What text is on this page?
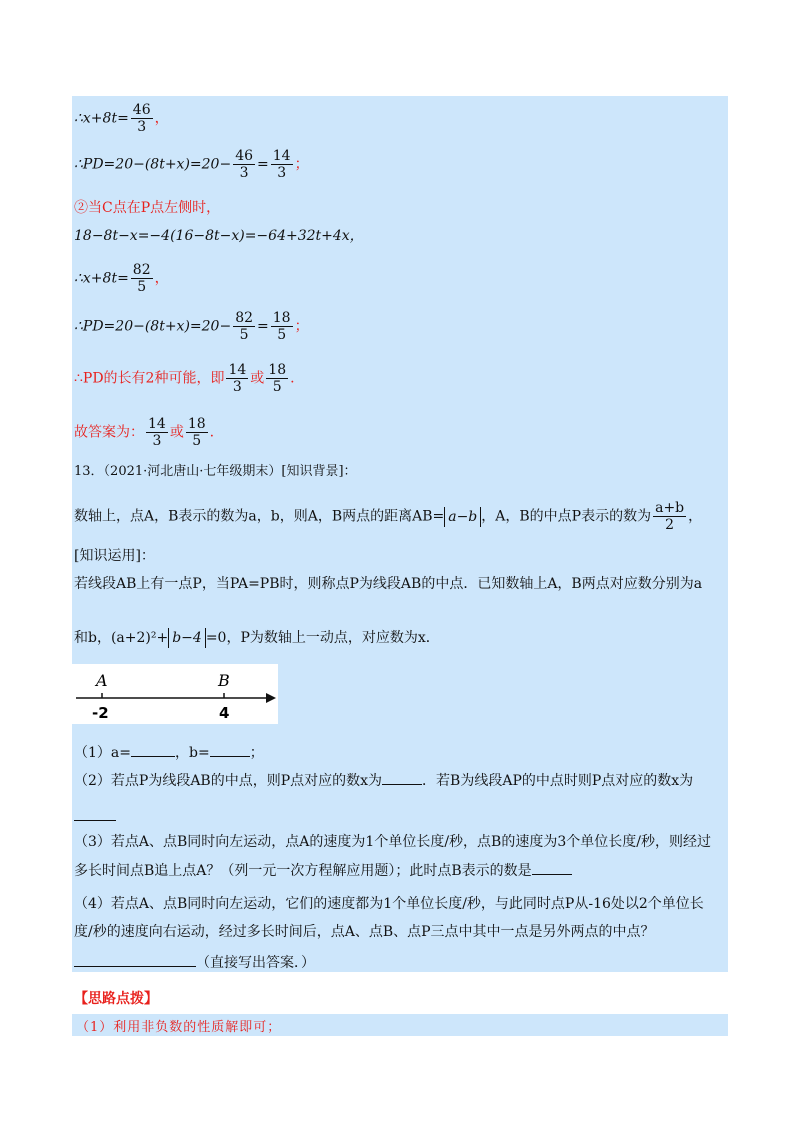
∴x+8t= $\frac{46}{3}$ ，
∴PD=20−(8t+x)=20− $\frac{46}{3} = \frac{14}{3}$ ；
②当C点在P点左侧时，
18−8t−x=−4(16−8t−x)=−64+32t+4x，
∴x+8t= $\frac{82}{5}$ ，
∴PD=20−(8t+x)=20− $\frac{82}{5} = \frac{18}{5}$ ；
∴PD的长有2种可能，即 $\frac{14}{3}$ 或 $\frac{18}{5}$ .
故答案为： $\frac{14}{3}$ 或 $\frac{18}{5}$ .
13．（2021·河北唐山·七年级期末）[知识背景]：
数轴上，点A，B表示的数为a，b，则A，B两点的距离AB= a−b ，A，B的中点P表示的数为 $\frac{a+b}{2}$ ，
[知识运用]：
若线段AB上有一点P，当PA=PB时，则称点P为线段AB的中点．已知数轴上A，B两点对应数分别为a
和b，(a+2)²+ b−4 =0，P为数轴上一动点，对应数为x．
A	B
-2	4
（1）a=	，b=	；
（2）若点P为线段AB的中点，则P点对应的数x为	．若B为线段AP的中点时则P点对应的数x为
（3）若点A、点B同时向左运动，点A的速度为1个单位长度/秒，点B的速度为3个单位长度/秒，则经过
多长时间点B追上点A？（列一元一次方程解应用题）；此时点B表示的数是
（4）若点A、点B同时向左运动，它们的速度都为1个单位长度/秒，与此同时点P从-16处以2个单位长
度/秒的速度向右运动，经过多长时间后，点A、点B、点P三点中其中一点是另外两点的中点？
（直接写出答案．）
【思路点拨】
（1）利用非负数的性质解即可；
